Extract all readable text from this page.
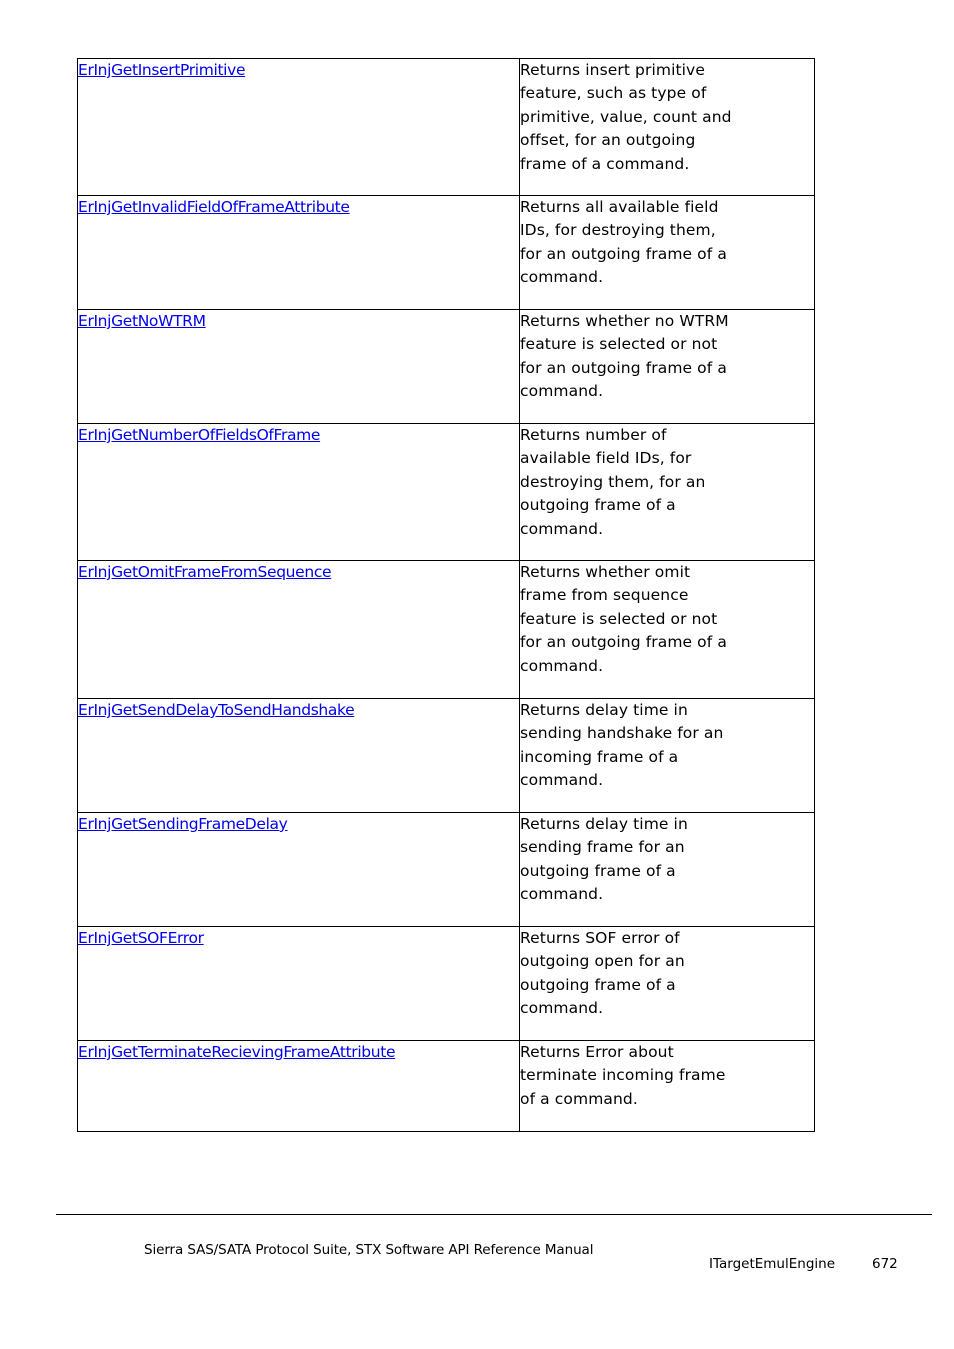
ErInjGetInsertPrimitive	Returns insert primitive feature, such as type of primitive, value, count and offset, for an outgoing frame of a command.

ErInjGetInvalidFieldOfFrameAttribute	Returns all available field IDs, for destroying them, for an outgoing frame of a command.

ErInjGetNoWTRM	Returns whether no WTRM feature is selected or not for an outgoing frame of a command.

ErInjGetNumberOfFieldsOfFrame	Returns number of available field IDs, for destroying them, for an outgoing frame of a command.

ErInjGetOmitFrameFromSequence	Returns whether omit frame from sequence feature is selected or not for an outgoing frame of a command.

ErInjGetSendDelayToSendHandshake	Returns delay time in sending handshake for an incoming frame of a command.

ErInjGetSendingFrameDelay	Returns delay time in sending frame for an outgoing frame of a command.

ErInjGetSOFError	Returns SOF error of outgoing open for an outgoing frame of a command.

ErInjGetTerminateRecievingFrameAttribute	Returns Error about terminate incoming frame of a command.
Sierra SAS/SATA Protocol Suite, STX Software API Reference Manual
ITargetEmulEngine	672
